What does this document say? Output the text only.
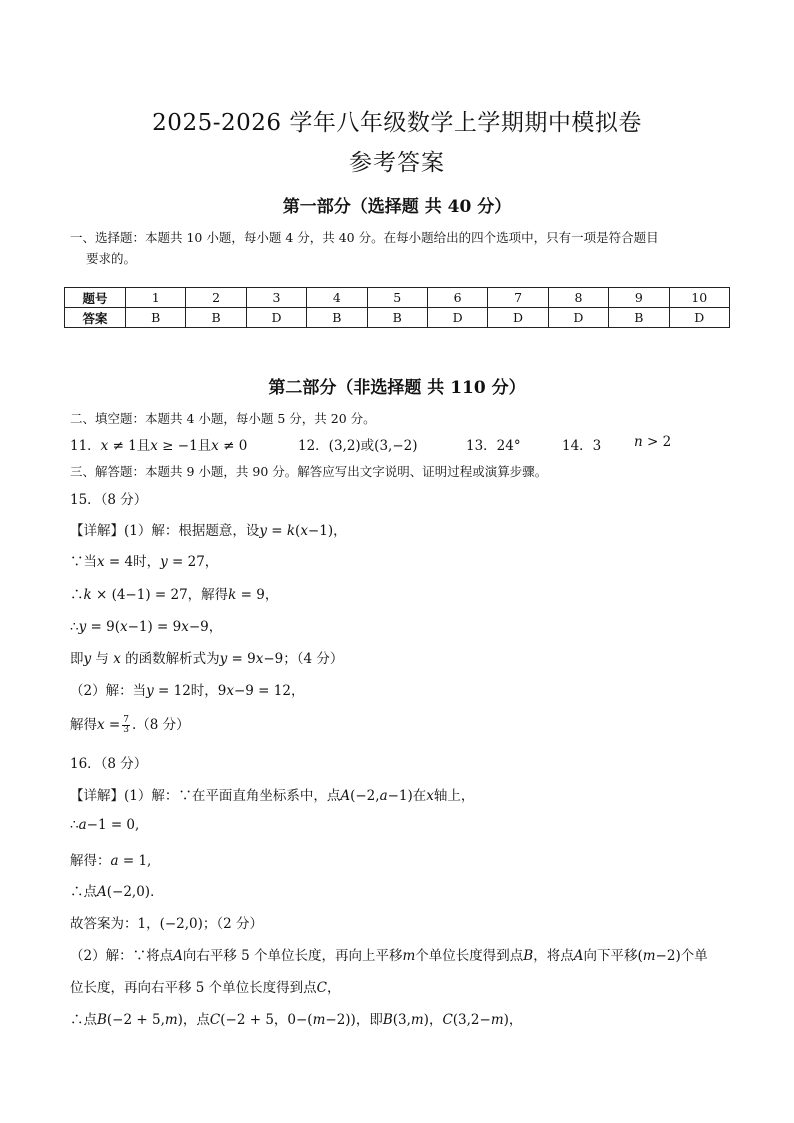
2025-2026 学年八年级数学上学期期中模拟卷
参考答案
第一部分（选择题 共 40 分）
一、选择题：本题共 10 小题，每小题 4 分，共 40 分。在每小题给出的四个选项中，只有一项是符合题目
要求的。
题号	1	2	3	4	5	6	7	8	9	10
答案	B	B	D	B	B	D	D	D	B	D
第二部分（非选择题 共 110 分）
二、填空题：本题共 4 小题，每小题 5 分，共 20 分。
11．𝑥 ≠ 1且𝑥 ≥ −1且𝑥 ≠ 0	12．(3,2)或(3,−2)	13．24°	14．3 𝑛 > 2
三、解答题：本题共 9 小题，共 90 分。解答应写出文字说明、证明过程或演算步骤。
15．（8 分）
【详解】(1）解：根据题意，设𝑦 = 𝑘(𝑥−1)，
∵当𝑥 = 4时，𝑦 = 27，
∴𝑘 × (4−1) = 27，解得𝑘 = 9，
∴𝑦 = 9(𝑥−1) = 9𝑥−9，
即𝑦 与 𝑥 的函数解析式为𝑦 = 9𝑥−9；（4 分）
（2）解：当𝑦 = 12时，9𝑥−9 = 12，
解得𝑥 = $\frac{7}{3} .(8$ 分）
16．（8 分）
【详解】(1）解：∵在平面直角坐标系中，点𝐴(−2,𝑎−1)在𝑥轴上，
∴𝑎−1 = 0,
解得：𝑎 = 1,
∴点𝐴(−2,0)．
故答案为：1，(−2,0)；（2 分）
（2）解：∵将点𝐴向右平移 5 个单位长度，再向上平移𝑚个单位长度得到点𝐵，将点𝐴向下平移(𝑚−2)个单
位长度，再向右平移 5 个单位长度得到点𝐶，
∴点𝐵(−2 + 5,𝑚)，点𝐶(−2 + 5，0−(𝑚−2))，即𝐵(3,𝑚)，𝐶(3,2−𝑚)，
